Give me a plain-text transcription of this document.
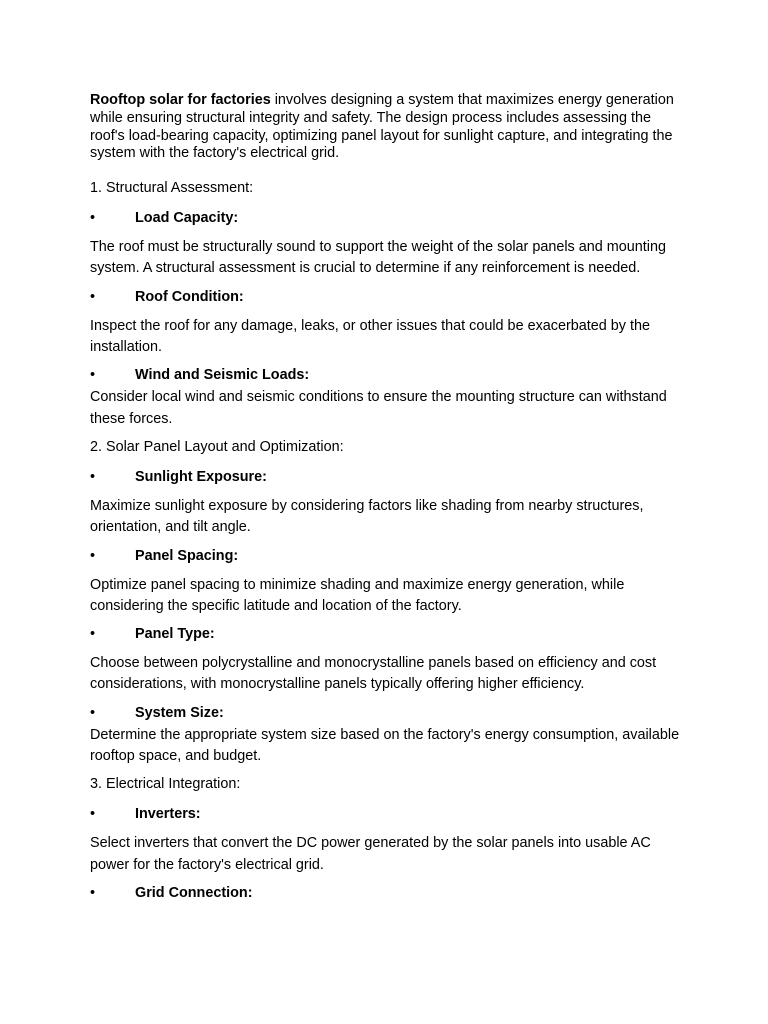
Rooftop solar for factories involves designing a system that maximizes energy generation while ensuring structural integrity and safety. The design process includes assessing the roof's load-bearing capacity, optimizing panel layout for sunlight capture, and integrating the system with the factory's electrical grid.

1. Structural Assessment:

•	Load Capacity:

The roof must be structurally sound to support the weight of the solar panels and mounting system. A structural assessment is crucial to determine if any reinforcement is needed.

•	Roof Condition:

Inspect the roof for any damage, leaks, or other issues that could be exacerbated by the installation.

•	Wind and Seismic Loads:

Consider local wind and seismic conditions to ensure the mounting structure can withstand these forces.

2. Solar Panel Layout and Optimization:

•	Sunlight Exposure:

Maximize sunlight exposure by considering factors like shading from nearby structures, orientation, and tilt angle.

•	Panel Spacing:

Optimize panel spacing to minimize shading and maximize energy generation, while considering the specific latitude and location of the factory.

•	Panel Type:

Choose between polycrystalline and monocrystalline panels based on efficiency and cost considerations, with monocrystalline panels typically offering higher efficiency.

•	System Size:

Determine the appropriate system size based on the factory's energy consumption, available rooftop space, and budget.

3. Electrical Integration:

•	Inverters:

Select inverters that convert the DC power generated by the solar panels into usable AC power for the factory's electrical grid.

•	Grid Connection:
